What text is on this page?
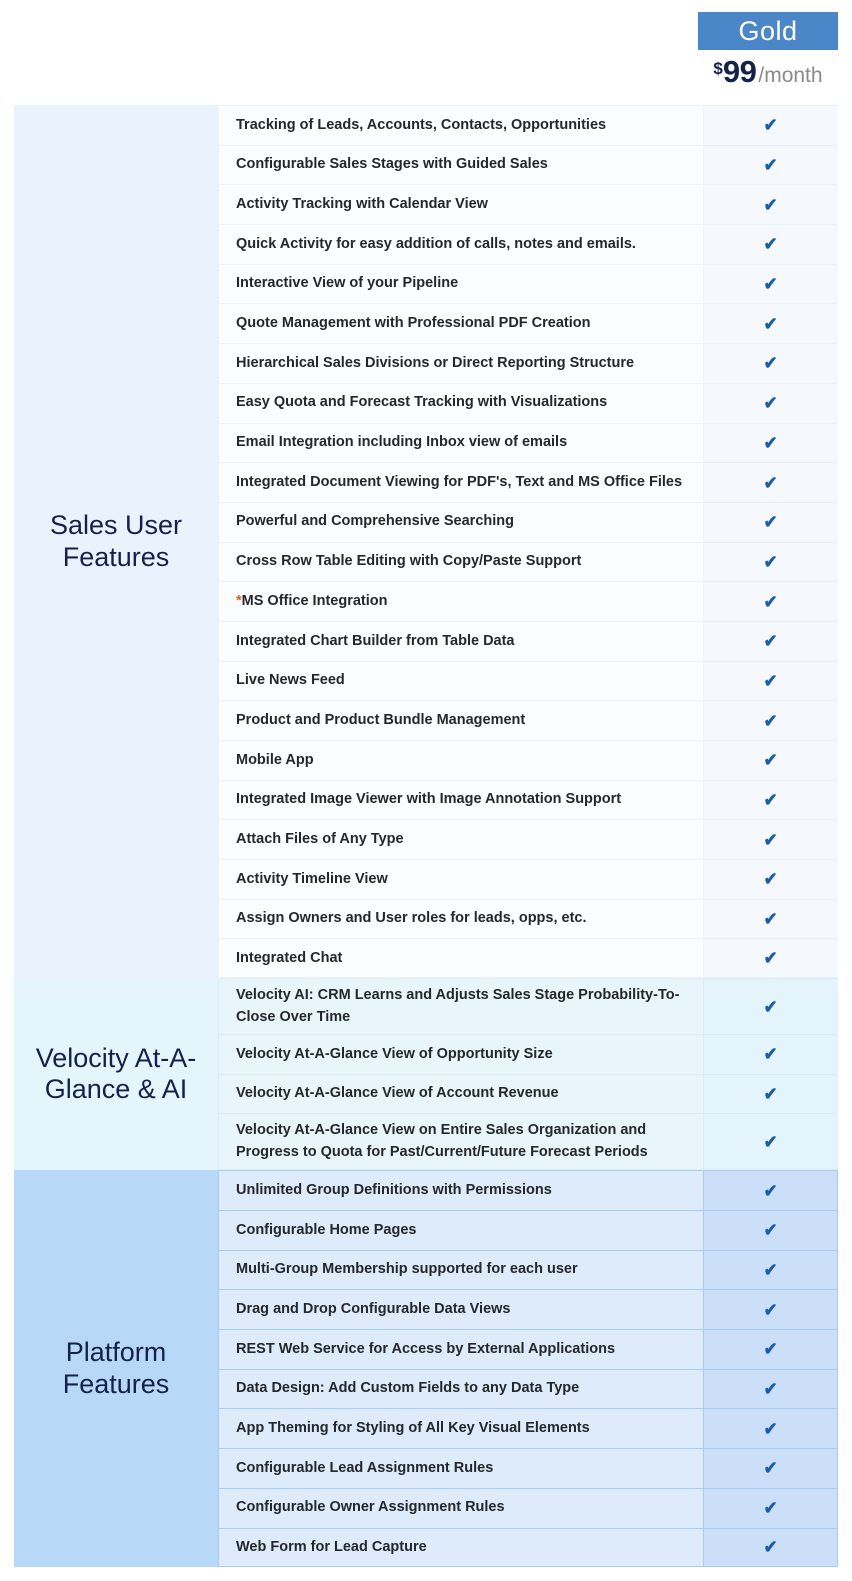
Gold
$ 99 /month
Sales User Features
Tracking of Leads, Accounts, Contacts, Opportunities	✔
Configurable Sales Stages with Guided Sales	✔
Activity Tracking with Calendar View	✔
Quick Activity for easy addition of calls, notes and emails.	✔
Interactive View of your Pipeline	✔
Quote Management with Professional PDF Creation	✔
Hierarchical Sales Divisions or Direct Reporting Structure	✔
Easy Quota and Forecast Tracking with Visualizations	✔
Email Integration including Inbox view of emails	✔
Integrated Document Viewing for PDF's, Text and MS Office Files	✔
Powerful and Comprehensive Searching	✔
Cross Row Table Editing with Copy/Paste Support	✔
*MS Office Integration	✔
Integrated Chart Builder from Table Data	✔
Live News Feed	✔
Product and Product Bundle Management	✔
Mobile App	✔
Integrated Image Viewer with Image Annotation Support	✔
Attach Files of Any Type	✔
Activity Timeline View	✔
Assign Owners and User roles for leads, opps, etc.	✔
Integrated Chat	✔
Velocity At-A-Glance & AI
Velocity AI: CRM Learns and Adjusts Sales Stage Probability-To-Close Over Time	✔
Velocity At-A-Glance View of Opportunity Size	✔
Velocity At-A-Glance View of Account Revenue	✔
Velocity At-A-Glance View on Entire Sales Organization and Progress to Quota for Past/Current/Future Forecast Periods	✔
Platform Features
Unlimited Group Definitions with Permissions	✔
Configurable Home Pages	✔
Multi-Group Membership supported for each user	✔
Drag and Drop Configurable Data Views	✔
REST Web Service for Access by External Applications	✔
Data Design: Add Custom Fields to any Data Type	✔
App Theming for Styling of All Key Visual Elements	✔
Configurable Lead Assignment Rules	✔
Configurable Owner Assignment Rules	✔
Web Form for Lead Capture	✔
